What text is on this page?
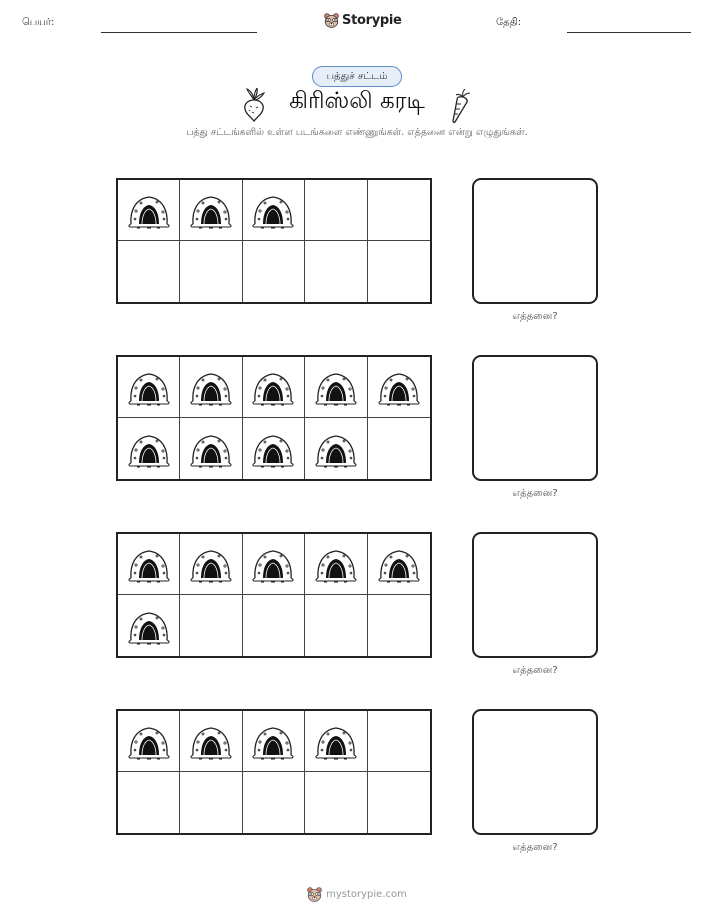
பெயர்:	Storypie	தேதி:
பத்துச் சட்டம்
கிரிஸ்லி கரடி
பத்து சட்டங்களில் உள்ள படங்களை எண்ணுங்கள். எத்தனை என்று எழுதுங்கள்.
எத்தனை?
எத்தனை?
எத்தனை?
எத்தனை?
mystorypie.com
